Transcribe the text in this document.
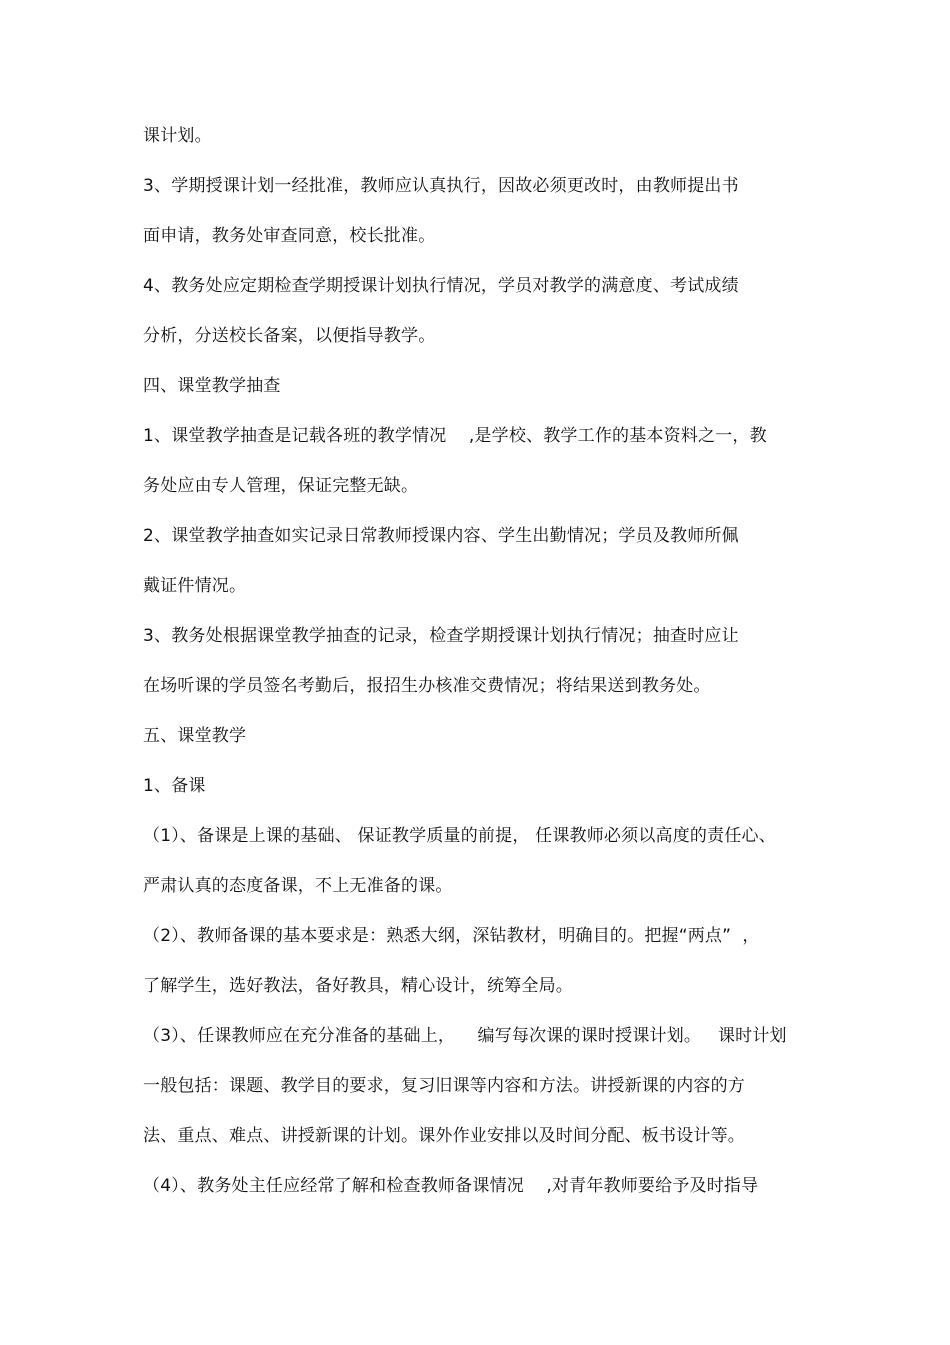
课计划。
3、学期授课计划一经批准，教师应认真执行，因故必须更改时，由教师提出书
面申请，教务处审查同意，校长批准。
4、教务处应定期检查学期授课计划执行情况，学员对教学的满意度、考试成绩
分析，分送校长备案，以便指导教学。
四、课堂教学抽查
1、课堂教学抽查是记载各班的教学情况    ,是学校、教学工作的基本资料之一，教
务处应由专人管理，保证完整无缺。
2、课堂教学抽查如实记录日常教师授课内容、学生出勤情况；学员及教师所佩
戴证件情况。
3、教务处根据课堂教学抽查的记录，检查学期授课计划执行情况；抽查时应让
在场听课的学员签名考勤后，报招生办核准交费情况；将结果送到教务处。
五、课堂教学
1、备课
（1）、备课是上课的基础、 保证教学质量的前提， 任课教师必须以高度的责任心、
严肃认真的态度备课，不上无准备的课。
（2）、教师备课的基本要求是：熟悉大纲，深钻教材，明确目的。把握“两点”  ，
了解学生，选好教法，备好教具，精心设计，统筹全局。
（3）、任课教师应在充分准备的基础上，    编写每次课的课时授课计划。   课时计划
一般包括：课题、教学目的要求，复习旧课等内容和方法。讲授新课的内容的方
法、重点、难点、讲授新课的计划。课外作业安排以及时间分配、板书设计等。
（4）、教务处主任应经常了解和检查教师备课情况    ,对青年教师要给予及时指导
